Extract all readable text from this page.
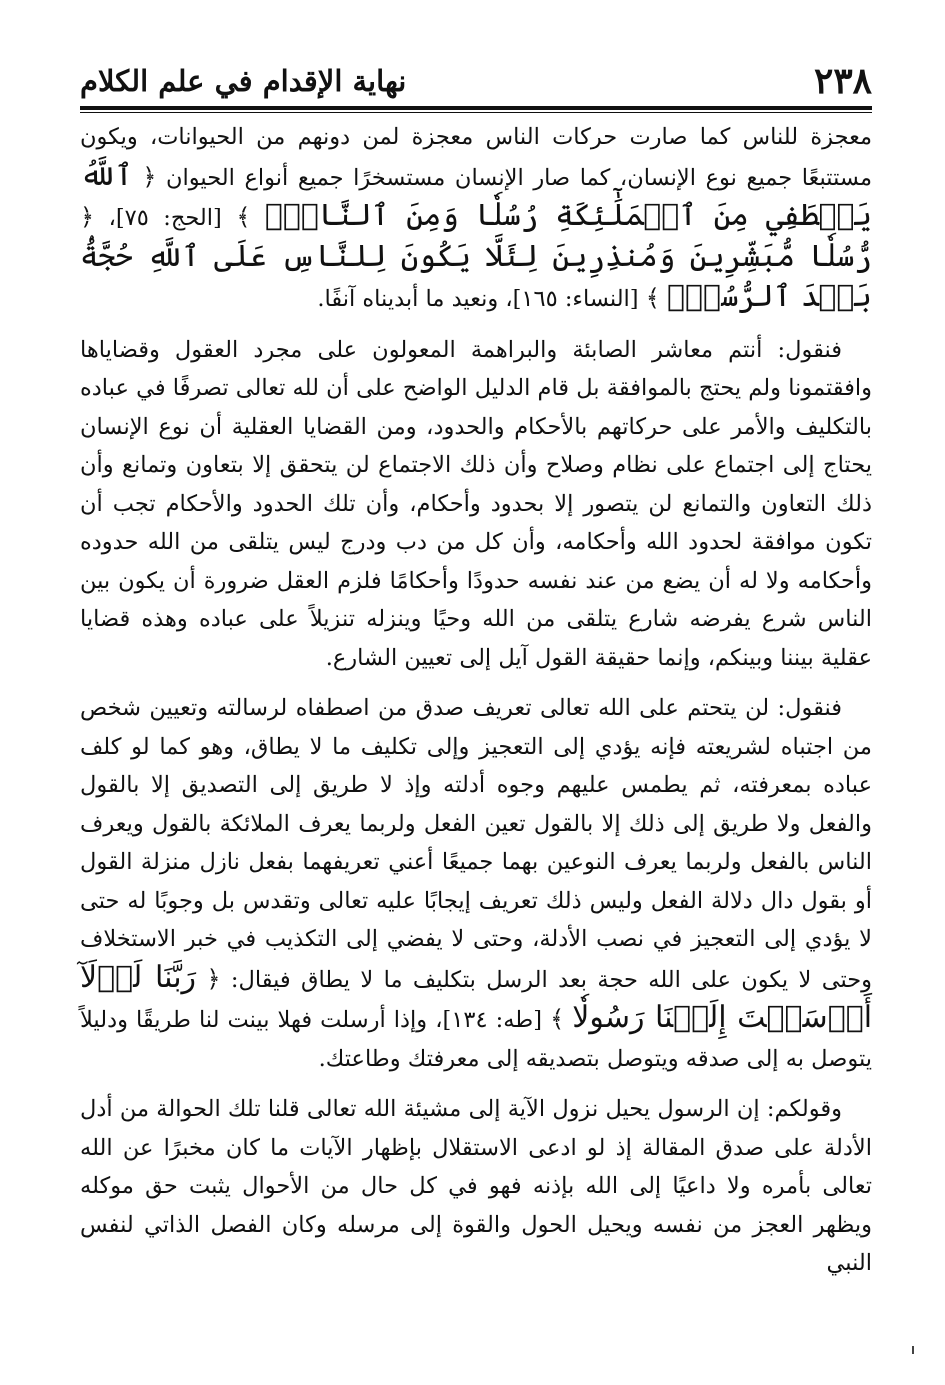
٢٣٨
نهاية الإقدام في علم الكلام

معجزة للناس كما صارت حركات الناس معجزة لمن دونهم من الحيوانات، ويكون مستتبعًا جميع نوع الإنسان، كما صار الإنسان مستسخرًا جميع أنواع الحيوان ﴿ ٱللَّهُ يَصۡطَفِي مِنَ ٱلۡمَلَٰٓئِكَةِ رُسُلٗا وَمِنَ ٱلنَّاسِۚ ﴾ [الحج: ٧٥]، ﴿ رُّسُلٗا مُّبَشِّرِينَ وَمُنذِرِينَ لِئَلَّا يَكُونَ لِلنَّاسِ عَلَى ٱللَّهِ حُجَّةُۢ بَعۡدَ ٱلرُّسُلِۚ ﴾ [النساء: ١٦٥]، ونعيد ما أبديناه آنفًا.

فنقول: أنتم معاشر الصابئة والبراهمة المعولون على مجرد العقول وقضاياها وافقتمونا ولم يحتج بالموافقة بل قام الدليل الواضح على أن لله تعالى تصرفًا في عباده بالتكليف والأمر على حركاتهم بالأحكام والحدود، ومن القضايا العقلية أن نوع الإنسان يحتاج إلى اجتماع على نظام وصلاح وأن ذلك الاجتماع لن يتحقق إلا بتعاون وتمانع وأن ذلك التعاون والتمانع لن يتصور إلا بحدود وأحكام، وأن تلك الحدود والأحكام تجب أن تكون موافقة لحدود الله وأحكامه، وأن كل من دب ودرج ليس يتلقى من الله حدوده وأحكامه ولا له أن يضع من عند نفسه حدودًا وأحكامًا فلزم العقل ضرورة أن يكون بين الناس شرع يفرضه شارع يتلقى من الله وحيًا وينزله تنزيلاً على عباده وهذه قضايا عقلية بيننا وبينكم، وإنما حقيقة القول آيل إلى تعيين الشارع.

فنقول: لن يتحتم على الله تعالى تعريف صدق من اصطفاه لرسالته وتعيين شخص من اجتباه لشريعته فإنه يؤدي إلى التعجيز وإلى تكليف ما لا يطاق، وهو كما لو كلف عباده بمعرفته، ثم يطمس عليهم وجوه أدلته وإذ لا طريق إلى التصديق إلا بالقول والفعل ولا طريق إلى ذلك إلا بالقول تعين الفعل ولربما يعرف الملائكة بالقول ويعرف الناس بالفعل ولربما يعرف النوعين بهما جميعًا أعني تعريفهما بفعل نازل منزلة القول أو بقول دال دلالة الفعل وليس ذلك تعريف إيجابًا عليه تعالى وتقدس بل وجوبًا له حتى لا يؤدي إلى التعجيز في نصب الأدلة، وحتى لا يفضي إلى التكذيب في خبر الاستخلاف وحتى لا يكون على الله حجة بعد الرسل بتكليف ما لا يطاق فيقال: ﴿ رَبَّنَا لَوۡلَآ أَرۡسَلۡتَ إِلَيۡنَا رَسُولٗا ﴾ [طه: ١٣٤]، وإذا أرسلت فهلا بينت لنا طريقًا ودليلاً يتوصل به إلى صدقه ويتوصل بتصديقه إلى معرفتك وطاعتك.

وقولكم: إن الرسول يحيل نزول الآية إلى مشيئة الله تعالى قلنا تلك الحوالة من أدل الأدلة على صدق المقالة إذ لو ادعى الاستقلال بإظهار الآيات ما كان مخبرًا عن الله تعالى بأمره ولا داعيًا إلى الله بإذنه فهو في كل حال من الأحوال يثبت حق موكله ويظهر العجز من نفسه ويحيل الحول والقوة إلى مرسله وكان الفصل الذاتي لنفس النبي
